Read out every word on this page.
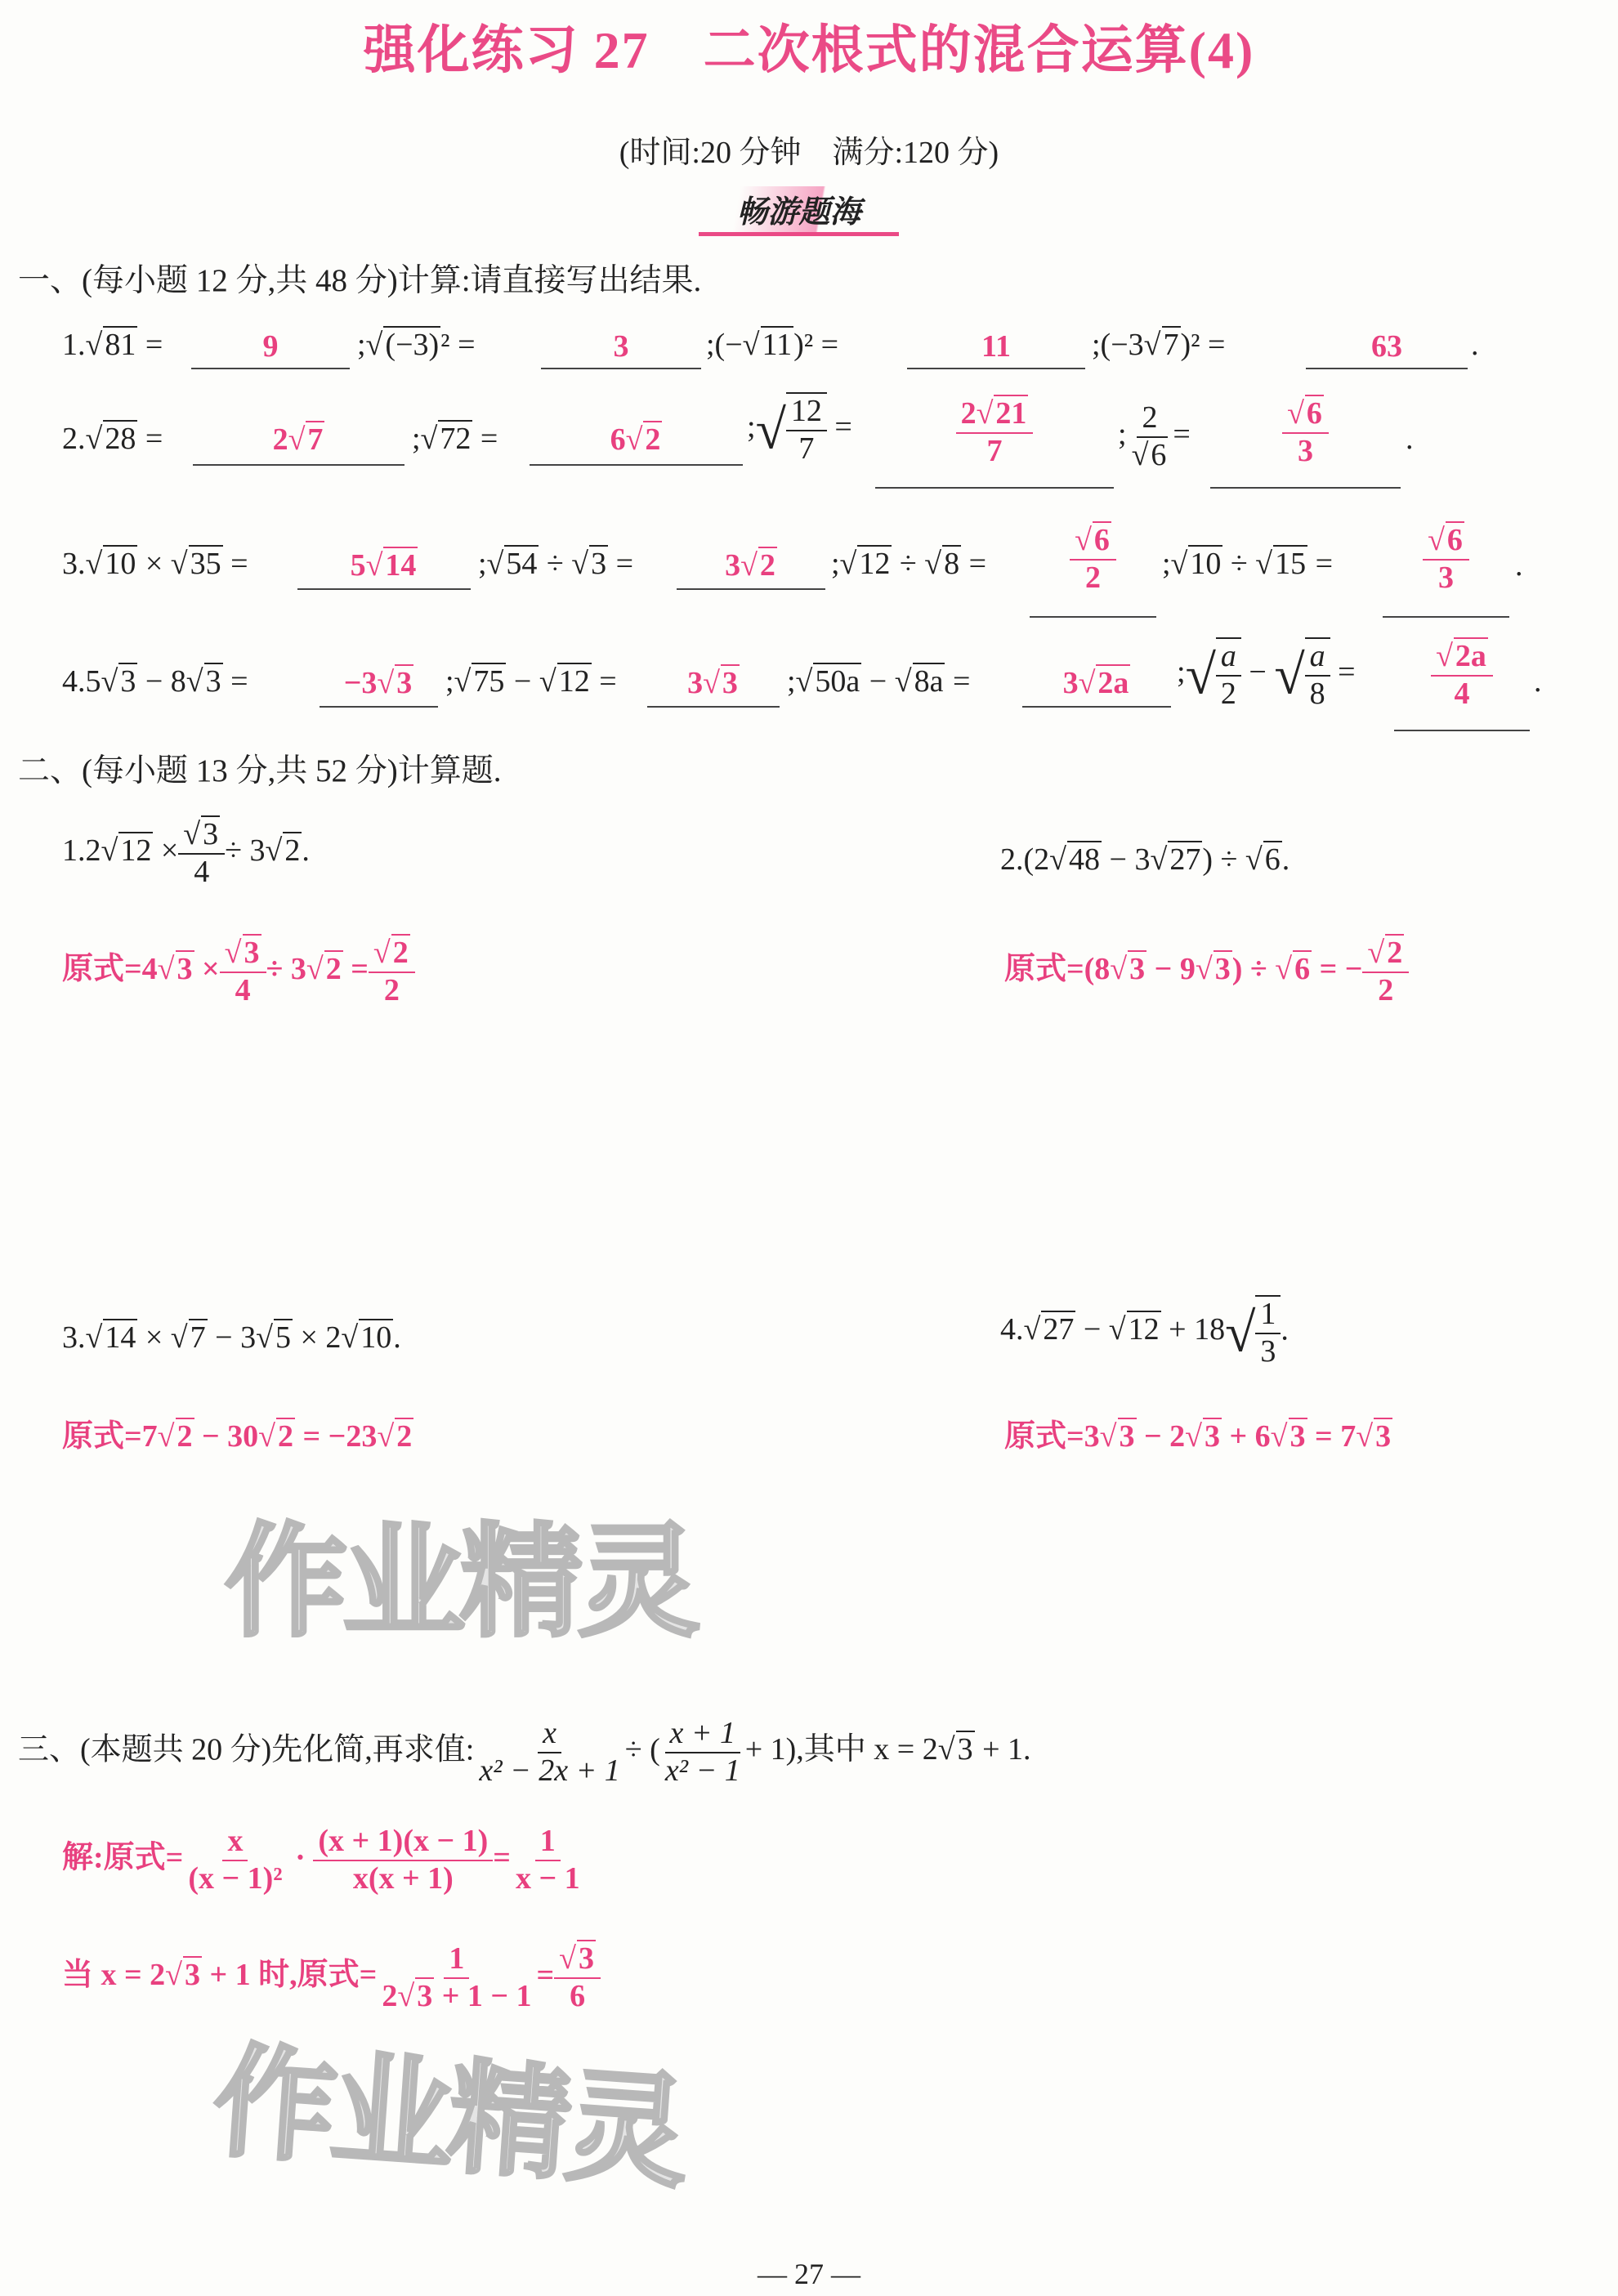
强化练习 27　二次根式的混合运算(4)
(时间:20 分钟　满分:120 分)
畅游题海
一、(每小题 12 分,共 48 分)计算:请直接写出结果.
1.√81 =	9	;√(−3)² =	3	;(−√11)² =	11	;(−3√7)² =	63	.
2.√28 =	2√7	;√72 =	6√2	;√ $\frac{12}{7}$ =	$\frac{2√21}{7}$	; $\frac{2}{√6}$ =	$\frac{√6}{3}$ .
3.√10 × √35 =	5√14	;√54 ÷ √3 =	3√2	;√12 ÷ √8 =	$\frac{√6}{2}$ ;√10 ÷ √15 =	$\frac{√6}{3}$ .
4.5√3 − 8√3 =	−3√3	;√75 − √12 =	3√3	;√50a − √8a =	3√2a	;√ $\frac{a}{2}$ − √ $\frac{a}{8} = \frac{√2a}{4}$ .
二、(每小题 13 分,共 52 分)计算题.
$1.2√12 \times \frac{√3}{4} \div 3√2$.
原式$=4√3 \times \frac{√3}{4} \div 3√2 = \frac{√2}{2}$
2.(2√48 − 3√27) ÷ √6.
原式=(8√3 − 9√3) ÷ √6 = − $\frac{√2}{2}$
3.√14 × √7 − 3√5 × 2√10.
原式=7√2 − 30√2 = −23√2
$4.√27 - √12 + 18√ \frac{1}{3}$ .
原式=3√3 − 2√3 + 6√3 = 7√3
作业精灵
三、(本题共 20 分)先化简,再求值: $\frac{x}{\text{x² − 2x + 1}}$ ÷ ( $\frac{x + 1}{\text{x² − 1}} + 1$),其中 x = 2√3 + 1.
解:原式= $\frac{x}{\text{(x − 1)²}} \cdot \frac{(x + 1)(x - 1)}{x(x + 1)} = \frac{1}{x - 1}$
当 x = 2√3 + 1 时,原式= $\frac{1}{2√3 + 1 - 1} = \frac{√3}{6}$
作业精灵
— 27 —
